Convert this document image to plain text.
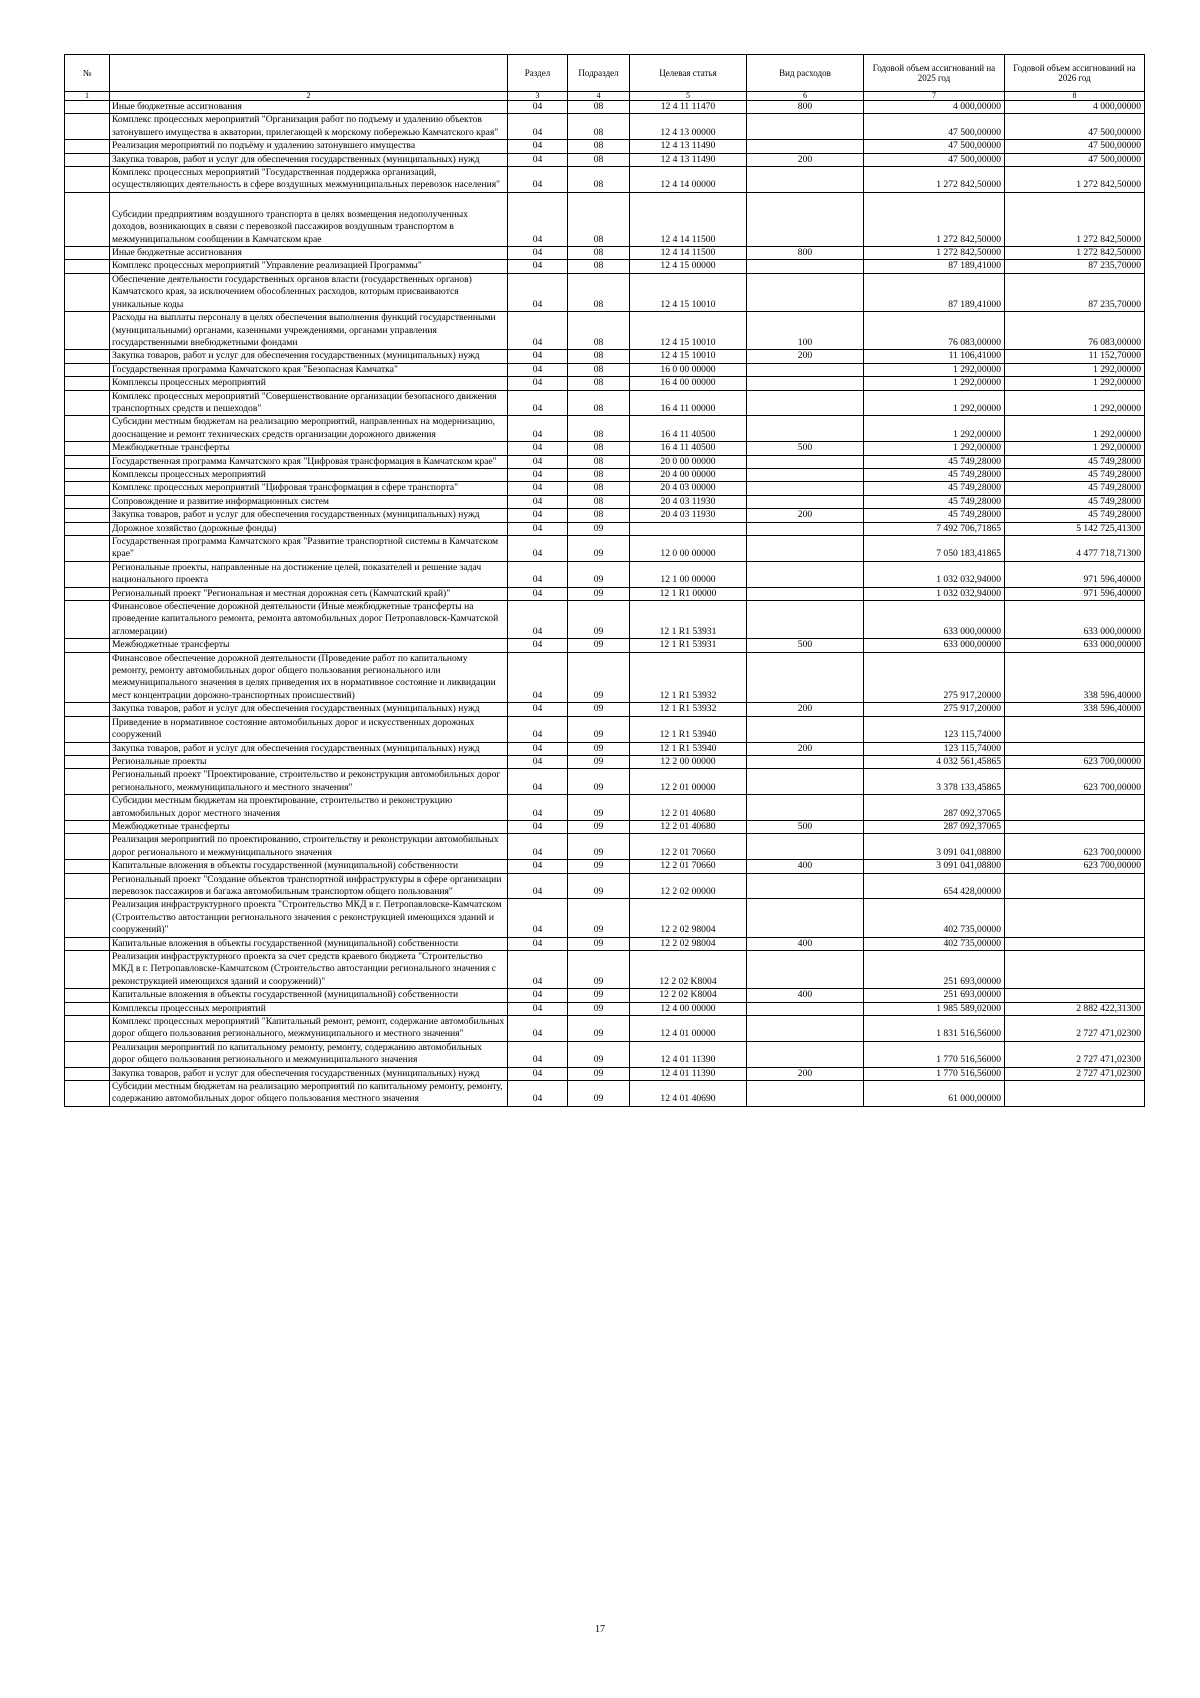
№		Раздел	Подраздел	Целевая статья	Вид расходов	Годовой объем ассигнований на 2025 год	Годовой объем ассигнований на 2026 год
1	2	3	4	5	6	7	8
	Иные бюджетные ассигнования	04	08	12 4 11 11470	800	4 000,00000	4 000,00000
	Комплекс процессных мероприятий "Организация работ по подъему и удалению объектов затонувшего имущества в акватории, прилегающей к морскому побережью Камчатского края"	04	08	12 4 13 00000		47 500,00000	47 500,00000
	Реализация мероприятий по подъёму и удалению затонувшего имущества	04	08	12 4 13 11490		47 500,00000	47 500,00000
	Закупка товаров, работ и услуг для обеспечения государственных (муниципальных) нужд	04	08	12 4 13 11490	200	47 500,00000	47 500,00000
	Комплекс процессных мероприятий "Государственная поддержка организаций, осуществляющих деятельность в сфере воздушных межмуниципальных перевозок населения"	04	08	12 4 14 00000		1 272 842,50000	1 272 842,50000
	Субсидии предприятиям воздушного транспорта в целях возмещения недополученных доходов, возникающих в связи с перевозкой пассажиров воздушным транспортом в межмуниципальном сообщении в Камчатском крае	04	08	12 4 14 11500		1 272 842,50000	1 272 842,50000
	Иные бюджетные ассигнования	04	08	12 4 14 11500	800	1 272 842,50000	1 272 842,50000
	Комплекс процессных мероприятий "Управление реализацией Программы"	04	08	12 4 15 00000		87 189,41000	87 235,70000
	Обеспечение деятельности государственных органов власти (государственных органов) Камчатского края, за исключением обособленных расходов, которым присваиваются уникальные коды	04	08	12 4 15 10010		87 189,41000	87 235,70000
	Расходы на выплаты персоналу в целях обеспечения выполнения функций государственными (муниципальными) органами, казенными учреждениями, органами управления государственными внебюджетными фондами	04	08	12 4 15 10010	100	76 083,00000	76 083,00000
	Закупка товаров, работ и услуг для обеспечения государственных (муниципальных) нужд	04	08	12 4 15 10010	200	11 106,41000	11 152,70000
	Государственная программа Камчатского края "Безопасная Камчатка"	04	08	16 0 00 00000		1 292,00000	1 292,00000
	Комплексы процессных мероприятий	04	08	16 4 00 00000		1 292,00000	1 292,00000
	Комплекс процессных мероприятий "Совершенствование организации безопасного движения транспортных средств и пешеходов"	04	08	16 4 11 00000		1 292,00000	1 292,00000
	Субсидии местным бюджетам на реализацию мероприятий, направленных на модернизацию, дооснащение и ремонт технических средств организации дорожного движения	04	08	16 4 11 40500		1 292,00000	1 292,00000
	Межбюджетные трансферты	04	08	16 4 11 40500	500	1 292,00000	1 292,00000
	Государственная программа Камчатского края "Цифровая трансформация в Камчатском крае"	04	08	20 0 00 00000		45 749,28000	45 749,28000
	Комплексы процессных мероприятий	04	08	20 4 00 00000		45 749,28000	45 749,28000
	Комплекс процессных мероприятий "Цифровая трансформация в сфере транспорта"	04	08	20 4 03 00000		45 749,28000	45 749,28000
	Сопровождение и развитие информационных систем	04	08	20 4 03 11930		45 749,28000	45 749,28000
	Закупка товаров, работ и услуг для обеспечения государственных (муниципальных) нужд	04	08	20 4 03 11930	200	45 749,28000	45 749,28000
	Дорожное хозяйство (дорожные фонды)	04	09			7 492 706,71865	5 142 725,41300
	Государственная программа Камчатского края "Развитие транспортной системы в Камчатском крае"	04	09	12 0 00 00000		7 050 183,41865	4 477 718,71300
	Региональные проекты, направленные на достижение целей, показателей и решение задач национального проекта	04	09	12 1 00 00000		1 032 032,94000	971 596,40000
	Региональный проект "Региональная и местная дорожная сеть (Камчатский край)"	04	09	12 1 R1 00000		1 032 032,94000	971 596,40000
	Финансовое обеспечение дорожной деятельности (Иные межбюджетные трансферты на проведение капитального ремонта, ремонта автомобильных дорог Петропавловск-Камчатской агломерации)	04	09	12 1 R1 53931		633 000,00000	633 000,00000
	Межбюджетные трансферты	04	09	12 1 R1 53931	500	633 000,00000	633 000,00000
	Финансовое обеспечение дорожной деятельности (Проведение работ по капитальному ремонту, ремонту автомобильных дорог общего пользования регионального или межмуниципального значения в целях приведения их в нормативное состояние и ликвидации мест концентрации дорожно-транспортных происшествий)	04	09	12 1 R1 53932		275 917,20000	338 596,40000
	Закупка товаров, работ и услуг для обеспечения государственных (муниципальных) нужд	04	09	12 1 R1 53932	200	275 917,20000	338 596,40000
	Приведение в нормативное состояние автомобильных дорог и искусственных дорожных сооружений	04	09	12 1 R1 53940		123 115,74000	
	Закупка товаров, работ и услуг для обеспечения государственных (муниципальных) нужд	04	09	12 1 R1 53940	200	123 115,74000	
	Региональные проекты	04	09	12 2 00 00000		4 032 561,45865	623 700,00000
	Региональный проект "Проектирование, строительство и реконструкция автомобильных дорог регионального, межмуниципального и местного значения"	04	09	12 2 01 00000		3 378 133,45865	623 700,00000
	Субсидии местным бюджетам на проектирование, строительство и реконструкцию автомобильных дорог местного значения	04	09	12 2 01 40680		287 092,37065	
	Межбюджетные трансферты	04	09	12 2 01 40680	500	287 092,37065	
	Реализация мероприятий по проектированию, строительству и реконструкции автомобильных дорог регионального и межмуниципального значения	04	09	12 2 01 70660		3 091 041,08800	623 700,00000
	Капитальные вложения в объекты государственной (муниципальной) собственности	04	09	12 2 01 70660	400	3 091 041,08800	623 700,00000
	Региональный проект "Создание объектов транспортной инфраструктуры в сфере организации перевозок пассажиров и багажа автомобильным транспортом общего пользования"	04	09	12 2 02 00000		654 428,00000	
	Реализация инфраструктурного проекта "Строительство МКД в г. Петропавловске-Камчатском (Строительство автостанции регионального значения с реконструкцией имеющихся зданий и сооружений)"	04	09	12 2 02 98004		402 735,00000	
	Капитальные вложения в объекты государственной (муниципальной) собственности	04	09	12 2 02 98004	400	402 735,00000	
	Реализация инфраструктурного проекта за счет средств краевого бюджета "Строительство МКД в г. Петропавловске-Камчатском (Строительство автостанции регионального значения с реконструкцией имеющихся зданий и сооружений)"	04	09	12 2 02 K8004		251 693,00000	
	Капитальные вложения в объекты государственной (муниципальной) собственности	04	09	12 2 02 K8004	400	251 693,00000	
	Комплексы процессных мероприятий	04	09	12 4 00 00000		1 985 589,02000	2 882 422,31300
	Комплекс процессных мероприятий "Капитальный ремонт, ремонт, содержание автомобильных дорог общего пользования регионального, межмуниципального и местного значения"	04	09	12 4 01 00000		1 831 516,56000	2 727 471,02300
	Реализация мероприятий по капитальному ремонту, ремонту, содержанию автомобильных дорог общего пользования регионального и межмуниципального значения	04	09	12 4 01 11390		1 770 516,56000	2 727 471,02300
	Закупка товаров, работ и услуг для обеспечения государственных (муниципальных) нужд	04	09	12 4 01 11390	200	1 770 516,56000	2 727 471,02300
	Субсидии местным бюджетам на реализацию мероприятий по капитальному ремонту, ремонту, содержанию автомобильных дорог общего пользования местного значения	04	09	12 4 01 40690		61 000,00000	
17
